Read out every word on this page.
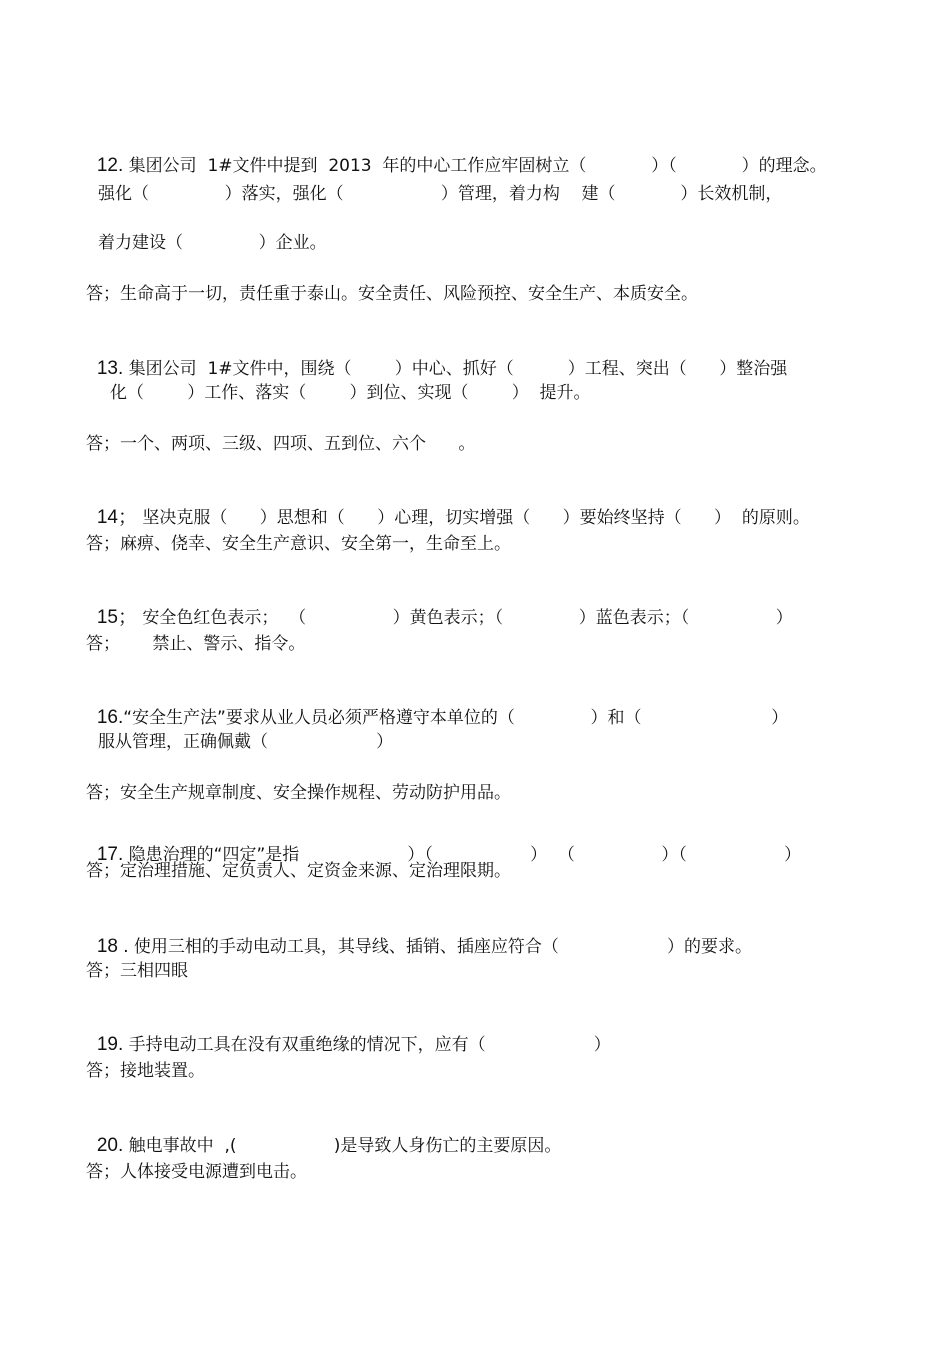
12. 集团公司  1#文件中提到  2013  年的中心工作应牢固树立（            ）（            ）的理念。

强化（              ）落实，强化（                  ）管理，着力构    建（            ）长效机制，
着力建设（              ）企业。
答；生命高于一切，责任重于泰山。安全责任、风险预控、安全生产、本质安全。

13. 集团公司  1#文件中，围绕（        ）中心、抓好（          ）工程、突出（      ）整治强

化（        ）工作、落实（        ）到位、实现（        ）  提升。
答；一个、两项、三级、四项、五到位、六个      。

14； 坚决克服（      ）思想和（      ）心理，切实增强（      ）要始终坚持（      ）  的原则。

答；麻痹、侥幸、安全生产意识、安全第一，生命至上。

15； 安全色红色表示；  （                ）黄色表示；（              ）蓝色表示；（                ）

答；      禁止、警示、指令。

16.“安全生产法”要求从业人员必须严格遵守本单位的（              ）和（                        ）

服从管理，正确佩戴（                    ）
答；安全生产规章制度、安全操作规程、劳动防护用品。

17. 隐患治理的“四定”是指                    ）（                  ）  （                ）（                  ）

答；定治理措施、定负责人、定资金来源、定治理限期。

18 . 使用三相的手动电动工具，其导线、插销、插座应符合（                    ）的要求。

答；三相四眼

19. 手持电动工具在没有双重绝缘的情况下，应有（                    ）

答；接地装置。

20. 触电事故中  ,(                  )是导致人身伤亡的主要原因。

答；人体接受电源遭到电击。
